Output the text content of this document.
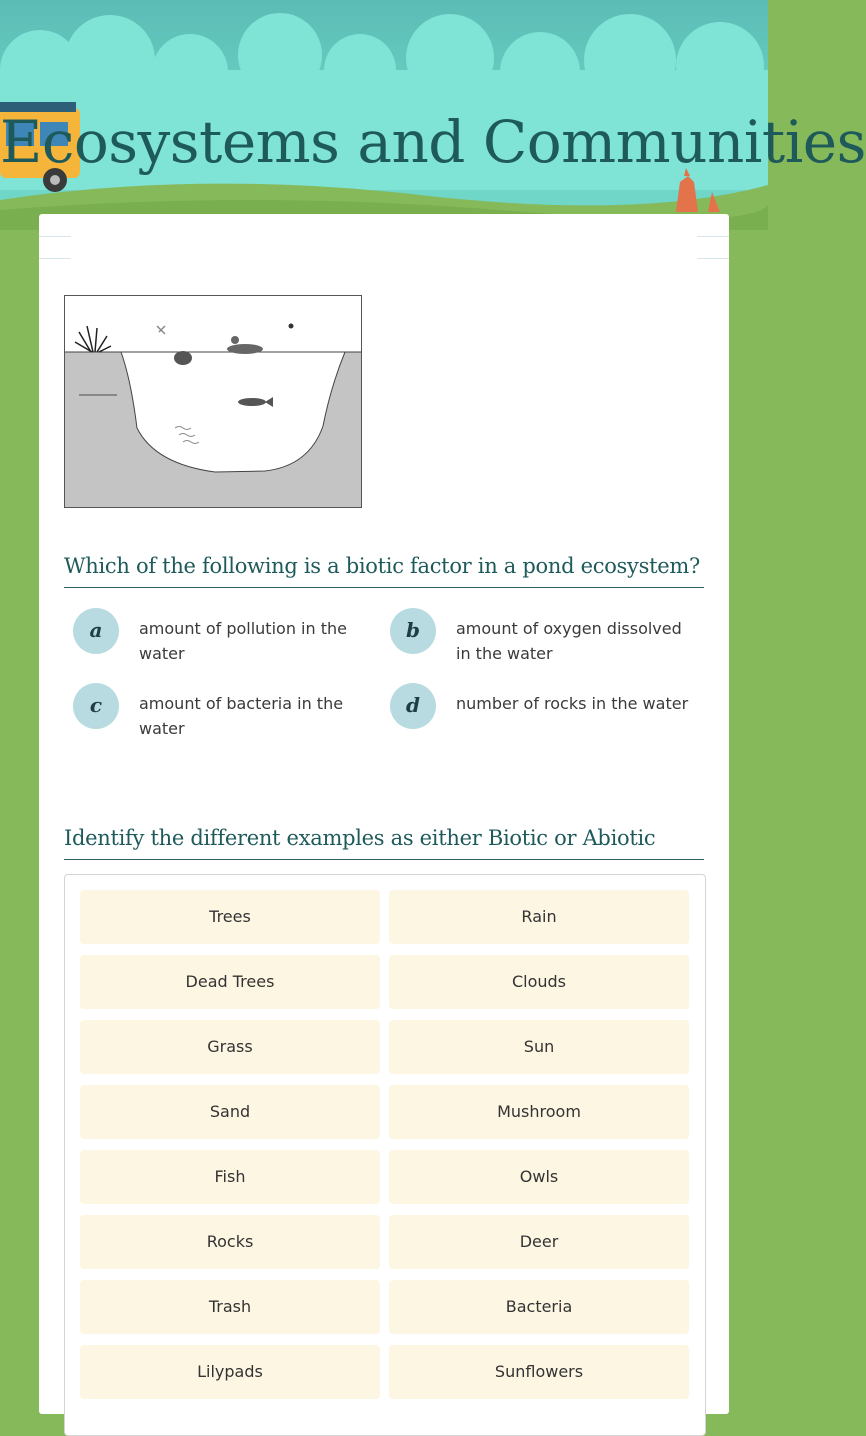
Ecosystems and Communities
Which of the following is a biotic factor in a pond ecosystem?
a	amount of pollution in the water
b	amount of oxygen dissolved in the water
c	amount of bacteria in the water
d	number of rocks in the water
Identify the different examples as either Biotic or Abiotic
Trees	Rain
Dead Trees	Clouds
Grass	Sun
Sand	Mushroom
Fish	Owls
Rocks	Deer
Trash	Bacteria
Lilypads	Sunflowers
